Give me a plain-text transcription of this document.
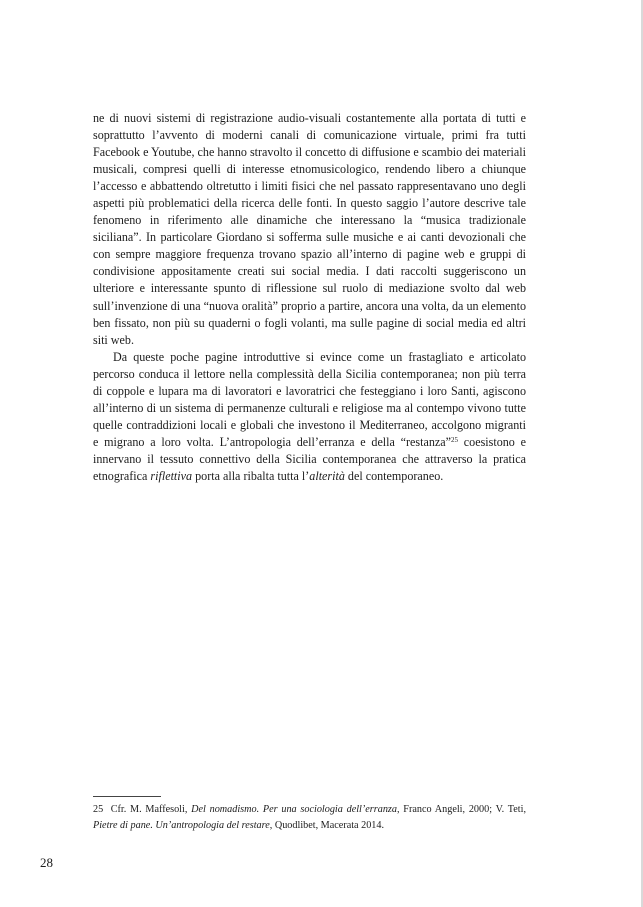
ne di nuovi sistemi di registrazione audio-visuali costantemente alla portata di tutti e soprattutto l’avvento di moderni canali di comunicazione virtuale, primi fra tutti Facebook e Youtube, che hanno stravolto il concetto di diffusione e scambio dei materiali musicali, compresi quelli di interesse etnomusicologico, rendendo libero a chiunque l’accesso e abbattendo oltretutto i limiti fisici che nel passato rappresentavano uno degli aspetti più problematici della ricerca delle fonti. In questo saggio l’autore descrive tale fenomeno in riferimento alle dinamiche che interessano la “musica tradizionale siciliana”. In particolare Giordano si sofferma sulle musiche e ai canti devozionali che con sempre maggiore frequenza trovano spazio all’interno di pagine web e gruppi di condivisione appositamente creati sui social media. I dati raccolti suggeriscono un ulteriore e interessante spunto di riflessione sul ruolo di mediazione svolto dal web sull’invenzione di una “nuova oralità” proprio a partire, ancora una volta, da un elemento ben fissato, non più su quaderni o fogli volanti, ma sulle pagine di social media ed altri siti web.

Da queste poche pagine introduttive si evince come un frastagliato e articolato percorso conduca il lettore nella complessità della Sicilia contemporanea; non più terra di coppole e lupara ma di lavoratori e lavoratrici che festeggiano i loro Santi, agiscono all’interno di un sistema di permanenze culturali e religiose ma al contempo vivono tutte quelle contraddizioni locali e globali che investono il Mediterraneo, accolgono migranti e migrano a loro volta. L’antropologia dell’erranza e della “restanza”$^{25}$ coesistono e innervano il tessuto connettivo della Sicilia contemporanea che attraverso la pratica etnografica riflettiva porta alla ribalta tutta l’alterità del contemporaneo.

25 Cfr. M. Maffesoli, Del nomadismo. Per una sociologia dell’erranza, Franco Angeli, 2000; V. Teti, Pietre di pane. Un’antropologia del restare, Quodlibet, Macerata 2014.
28
